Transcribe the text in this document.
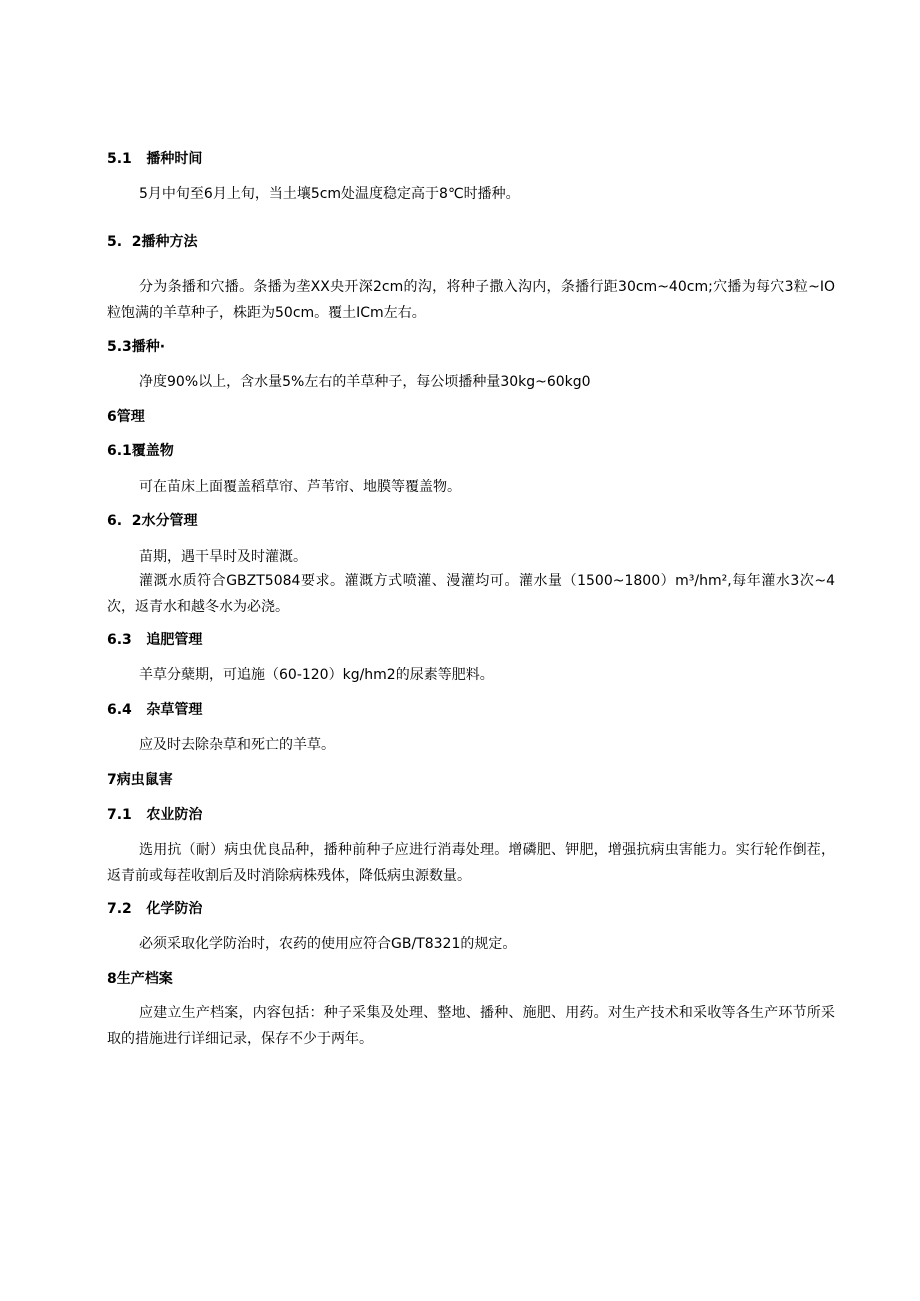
5.1   播种时间
5月中旬至6月上旬，当土壤5cm处温度稳定高于8℃时播种。
5.  2播种方法
分为条播和穴播。条播为垄XX央开深2cm的沟，将种子撒入沟内，条播行距30cm~40cm;穴播为每穴3粒~IO粒饱满的羊草种子，株距为50cm。覆土ICm左右。
5.3播种·
净度90%以上，含水量5%左右的羊草种子，每公顷播种量30kg~60kg0
6管理
6.1覆盖物
可在苗床上面覆盖稻草帘、芦苇帘、地膜等覆盖物。
6.  2水分管理
苗期，遇干旱时及时灌溉。
灌溉水质符合GBZT5084要求。灌溉方式喷灌、漫灌均可。灌水量（1500~1800）m³/hm²,每年灌水3次~4次，返青水和越冬水为必浇。
6.3   追肥管理
羊草分蘖期，可追施（60-120）kg/hm2的尿素等肥料。
6.4   杂草管理
应及时去除杂草和死亡的羊草。
7病虫鼠害
7.1   农业防治
选用抗（耐）病虫优良品种，播种前种子应进行消毒处理。增磷肥、钾肥，增强抗病虫害能力。实行轮作倒茬，返青前或每茬收割后及时消除病株残体，降低病虫源数量。
7.2   化学防治
必须采取化学防治时，农药的使用应符合GB/T8321的规定。
8生产档案
应建立生产档案，内容包括：种子采集及处理、整地、播种、施肥、用药。对生产技术和采收等各生产环节所采取的措施进行详细记录，保存不少于两年。
